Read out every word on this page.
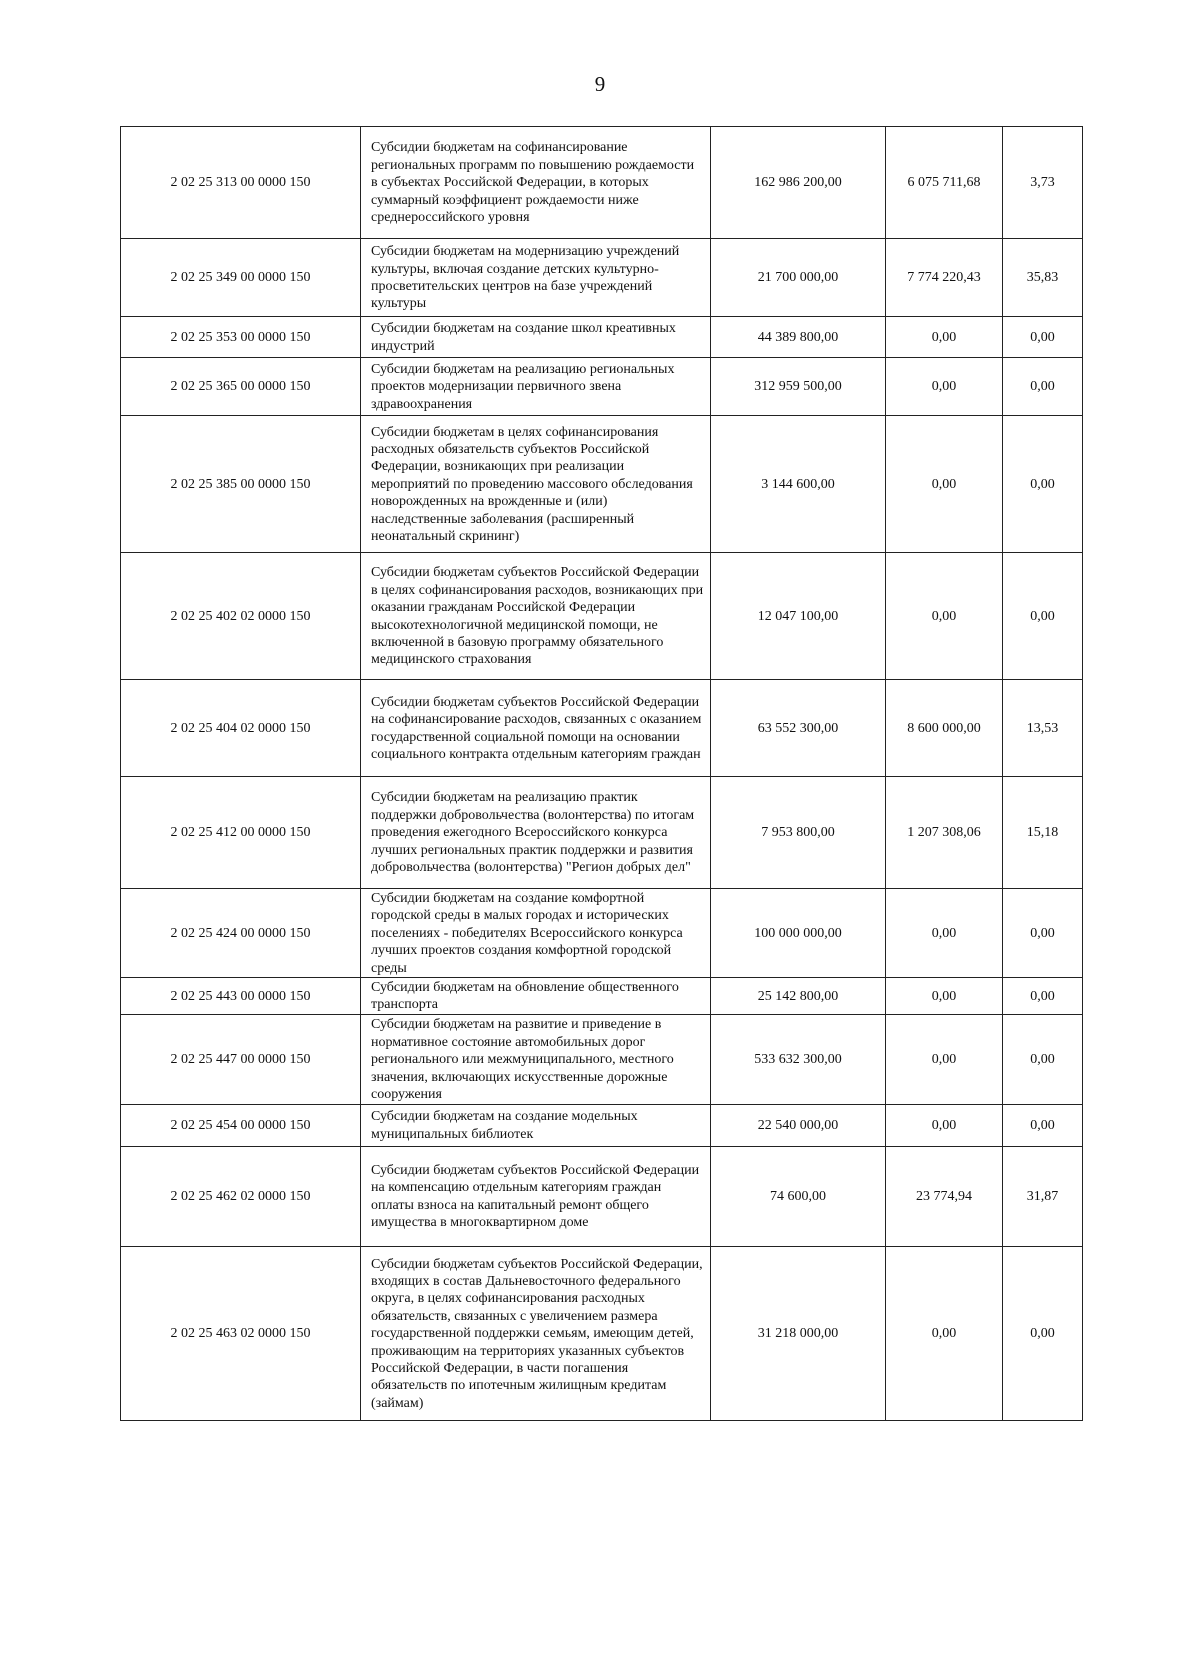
9
2 02 25 313 00 0000 150	Субсидии бюджетам на софинансирование региональных программ по повышению рождаемости в субъектах Российской Федерации, в которых суммарный коэффициент рождаемости ниже среднероссийского уровня	162 986 200,00	6 075 711,68	3,73
2 02 25 349 00 0000 150	Субсидии бюджетам на модернизацию учреждений культуры, включая создание детских культурно-просветительских центров на базе учреждений культуры	21 700 000,00	7 774 220,43	35,83
2 02 25 353 00 0000 150	Субсидии бюджетам на создание школ креативных индустрий	44 389 800,00	0,00	0,00
2 02 25 365 00 0000 150	Субсидии бюджетам на реализацию региональных проектов модернизации первичного звена здравоохранения	312 959 500,00	0,00	0,00
2 02 25 385 00 0000 150	Субсидии бюджетам в целях софинансирования расходных обязательств субъектов Российской Федерации, возникающих при реализации мероприятий по проведению массового обследования новорожденных на врожденные и (или) наследственные заболевания (расширенный неонатальный скрининг)	3 144 600,00	0,00	0,00
2 02 25 402 02 0000 150	Субсидии бюджетам субъектов Российской Федерации в целях софинансирования расходов, возникающих при оказании гражданам Российской Федерации высокотехнологичной медицинской помощи, не включенной в базовую программу обязательного медицинского страхования	12 047 100,00	0,00	0,00
2 02 25 404 02 0000 150	Субсидии бюджетам субъектов Российской Федерации на софинансирование расходов, связанных с оказанием государственной социальной помощи на основании социального контракта отдельным категориям граждан	63 552 300,00	8 600 000,00	13,53
2 02 25 412 00 0000 150	Субсидии бюджетам на реализацию практик поддержки добровольчества (волонтерства) по итогам проведения ежегодного Всероссийского конкурса лучших региональных практик поддержки и развития добровольчества (волонтерства) "Регион добрых дел"	7 953 800,00	1 207 308,06	15,18
2 02 25 424 00 0000 150	Субсидии бюджетам на создание комфортной городской среды в малых городах и исторических поселениях - победителях Всероссийского конкурса лучших проектов создания комфортной городской среды	100 000 000,00	0,00	0,00
2 02 25 443 00 0000 150	Субсидии бюджетам на обновление общественного транспорта	25 142 800,00	0,00	0,00
2 02 25 447 00 0000 150	Субсидии бюджетам на развитие и приведение в нормативное состояние автомобильных дорог регионального или межмуниципального, местного значения, включающих искусственные дорожные сооружения	533 632 300,00	0,00	0,00
2 02 25 454 00 0000 150	Субсидии бюджетам на создание модельных муниципальных библиотек	22 540 000,00	0,00	0,00
2 02 25 462 02 0000 150	Субсидии бюджетам субъектов Российской Федерации на компенсацию отдельным категориям граждан оплаты взноса на капитальный ремонт общего имущества в многоквартирном доме	74 600,00	23 774,94	31,87
2 02 25 463 02 0000 150	Субсидии бюджетам субъектов Российской Федерации, входящих в состав Дальневосточного федерального округа, в целях софинансирования расходных обязательств, связанных с увеличением размера государственной поддержки семьям, имеющим детей, проживающим на территориях указанных субъектов Российской Федерации, в части погашения обязательств по ипотечным жилищным кредитам (займам)	31 218 000,00	0,00	0,00
